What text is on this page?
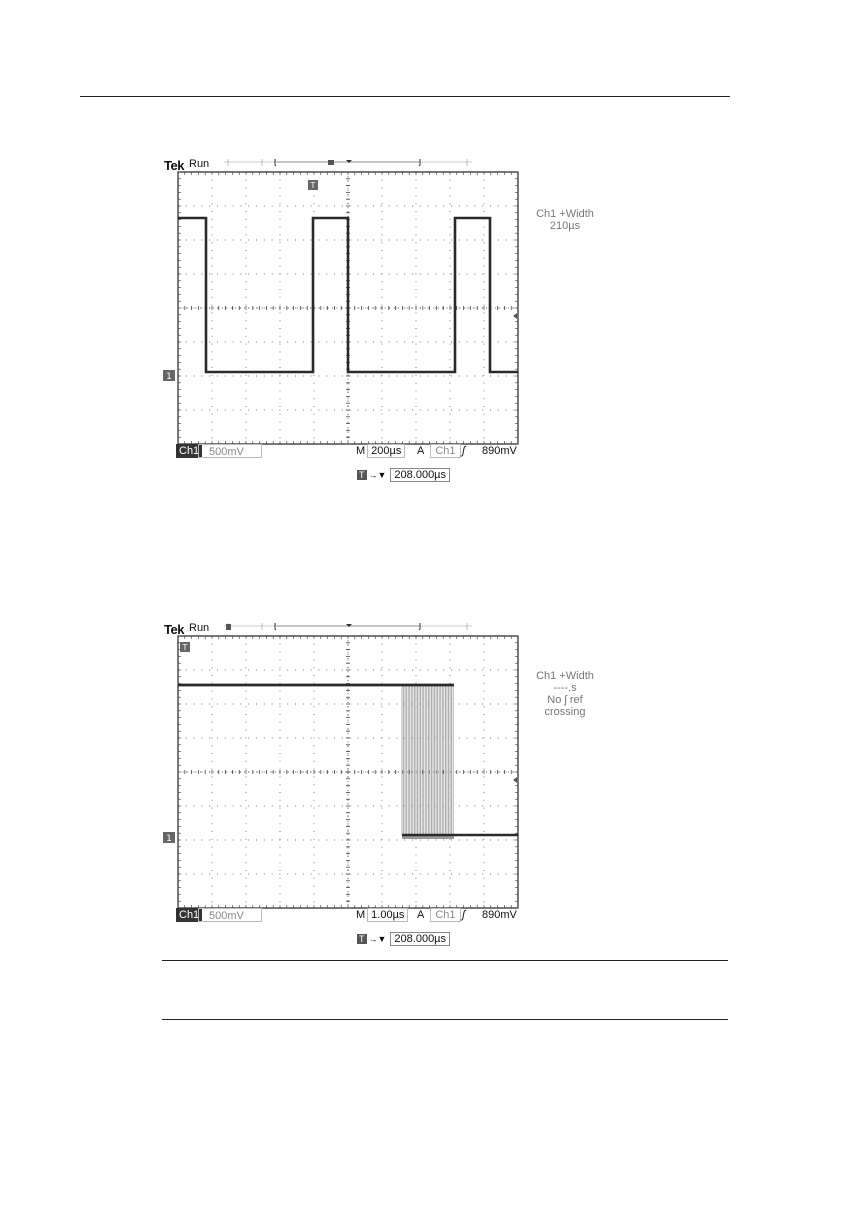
1
T
Tek Run
Ch1 +Width
210µs
Ch1 500mV	M 200µs	A Ch1 ʃ 890mV
T →▼ 208.000µs
1
T
Tek Run
Ch1 +Width
----.s
No ʃ ref
crossing
Ch1 500mV	M 1.00µs	A Ch1 ʃ 890mV
T →▼ 208.000µs
